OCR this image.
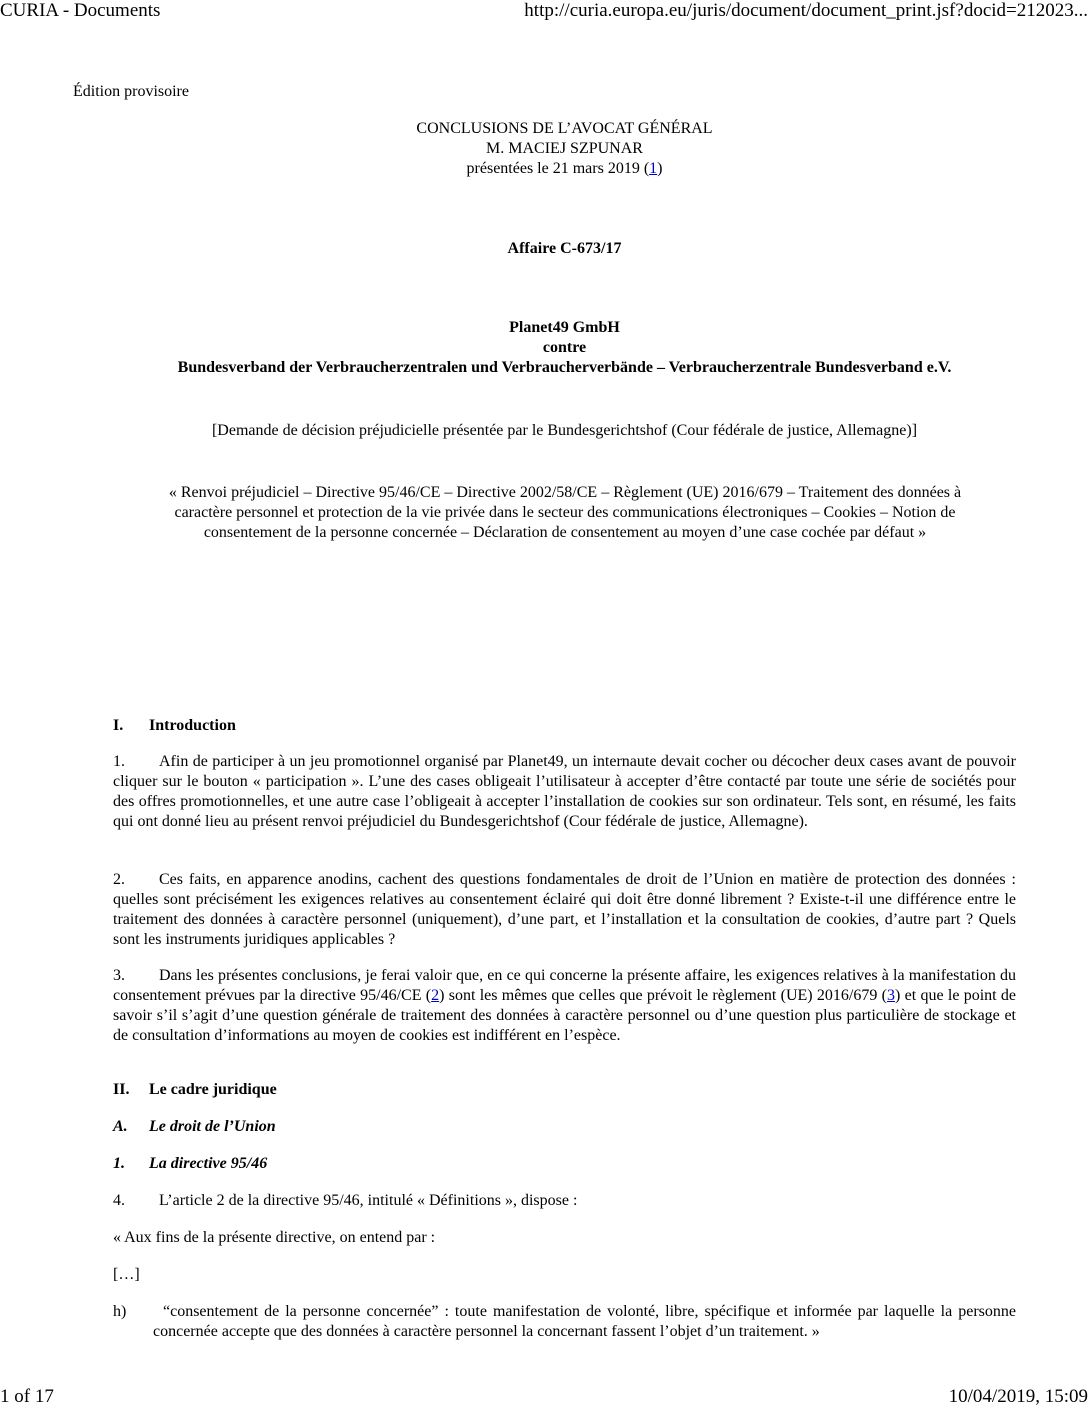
CURIA - Documents	http://curia.europa.eu/juris/document/document_print.jsf?docid=212023...
1 of 17	10/04/2019, 15:09
Édition provisoire
CONCLUSIONS DE L’AVOCAT GÉNÉRAL
M. MACIEJ SZPUNAR
présentées le 21 mars 2019 (1)
Affaire C‑673/17
Planet49 GmbH
contre
Bundesverband der Verbraucherzentralen und Verbraucherverbände – Verbraucherzentrale Bundesverband e.V.
[Demande de décision préjudicielle présentée par le Bundesgerichtshof (Cour fédérale de justice, Allemagne)]
« Renvoi préjudiciel – Directive 95/46/CE – Directive 2002/58/CE – Règlement (UE) 2016/679 – Traitement des données à caractère personnel et protection de la vie privée dans le secteur des communications électroniques – Cookies – Notion de consentement de la personne concernée – Déclaration de consentement au moyen d’une case cochée par défaut »
I. Introduction
1. Afin de participer à un jeu promotionnel organisé par Planet49, un internaute devait cocher ou décocher deux cases avant de pouvoir cliquer sur le bouton « participation ». L’une des cases obligeait l’utilisateur à accepter d’être contacté par toute une série de sociétés pour des offres promotionnelles, et une autre case l’obligeait à accepter l’installation de cookies sur son ordinateur. Tels sont, en résumé, les faits qui ont donné lieu au présent renvoi préjudiciel du Bundesgerichtshof (Cour fédérale de justice, Allemagne).
2. Ces faits, en apparence anodins, cachent des questions fondamentales de droit de l’Union en matière de protection des données : quelles sont précisément les exigences relatives au consentement éclairé qui doit être donné librement ? Existe-t-il une différence entre le traitement des données à caractère personnel (uniquement), d’une part, et l’installation et la consultation de cookies, d’autre part ? Quels sont les instruments juridiques applicables ?
3. Dans les présentes conclusions, je ferai valoir que, en ce qui concerne la présente affaire, les exigences relatives à la manifestation du consentement prévues par la directive 95/46/CE (2) sont les mêmes que celles que prévoit le règlement (UE) 2016/679 (3) et que le point de savoir s’il s’agit d’une question générale de traitement des données à caractère personnel ou d’une question plus particulière de stockage et de consultation d’informations au moyen de cookies est indifférent en l’espèce.
II. Le cadre juridique
A. Le droit de l’Union
1. La directive 95/46
4. L’article 2 de la directive 95/46, intitulé « Définitions », dispose :
« Aux fins de la présente directive, on entend par :
[…]
h)	“consentement de la personne concernée” : toute manifestation de volonté, libre, spécifique et informée par laquelle la personne concernée accepte que des données à caractère personnel la concernant fassent l’objet d’un traitement. »
